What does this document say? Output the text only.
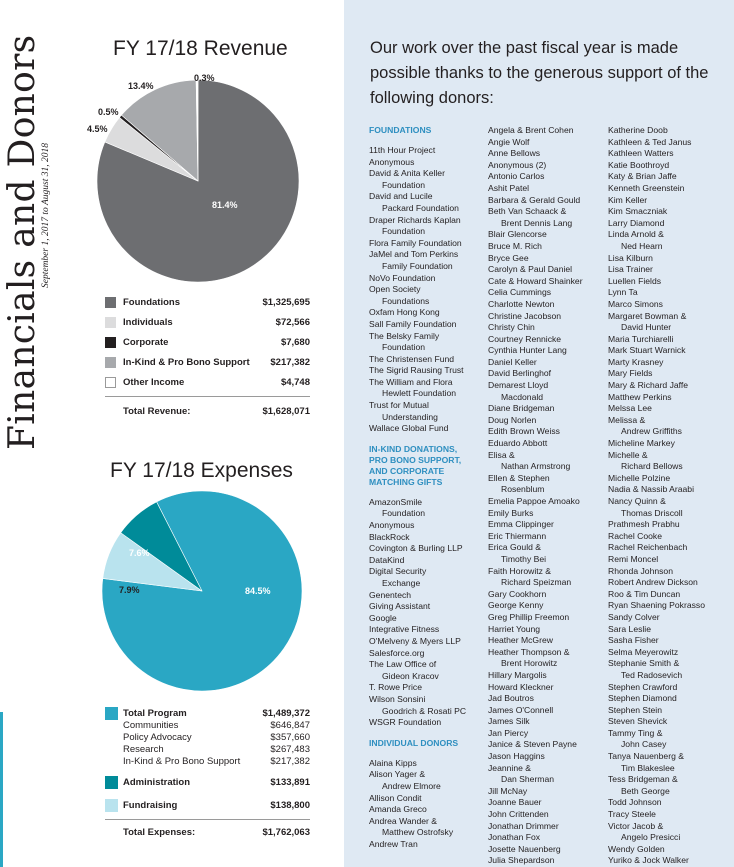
Financials and Donors
September 1, 2017 to August 31, 2018
FY 17/18 Revenue
0.3%
13.4%
0.5%
4.5%
81.4%
Foundations	$1,325,695
Individuals	$72,566
Corporate	$7,680
In-Kind & Pro Bono Support $217,382
Other Income	$4,748
Total Revenue:	$1,628,071
FY 17/18 Expenses
7.6%
7.9%	84.5%
Total Program	$1,489,372
Communities	$646,847
Policy Advocacy	$357,660
Research	$267,483
In-Kind & Pro Bono Support	$217,382
Administration	$133,891
Fundraising	$138,800
Total Expenses:	$1,762,063
Our work over the past fiscal year is made possible thanks to the generous support of the following donors:
FOUNDATIONS
11th Hour Project
Anonymous
David & Anita Keller
Foundation
David and Lucile
Packard Foundation
Draper Richards Kaplan
Foundation
Flora Family Foundation
JaMel and Tom Perkins
Family Foundation
NoVo Foundation
Open Society
Foundations
Oxfam Hong Kong
Sall Family Foundation
The Belsky Family
Foundation
The Christensen Fund
The Sigrid Rausing Trust
The William and Flora
Hewlett Foundation
Trust for Mutual
Understanding
Wallace Global Fund
IN-KIND DONATIONS,
PRO BONO SUPPORT,
AND CORPORATE
MATCHING GIFTS
AmazonSmile
Foundation
Anonymous
BlackRock
Covington & Burling LLP
DataKind
Digital Security
Exchange
Genentech
Giving Assistant
Google
Integrative Fitness
O'Melveny & Myers LLP
Salesforce.org
The Law Office of
Gideon Kracov
T. Rowe Price
Wilson Sonsini
Goodrich & Rosati PC
WSGR Foundation
INDIVIDUAL DONORS
Alaina Kipps
Alison Yager &
Andrew Elmore
Allison Condit
Amanda Greco
Andrea Wander &
Matthew Ostrofsky
Andrew Tran
Angela & Brent Cohen
Angie Wolf
Anne Bellows
Anonymous (2)
Antonio Carlos
Ashit Patel
Barbara & Gerald Gould
Beth Van Schaack &
Brent Dennis Lang
Blair Glencorse
Bruce M. Rich
Bryce Gee
Carolyn & Paul Daniel
Cate & Howard Shainker
Celia Cummings
Charlotte Newton
Christine Jacobson
Christy Chin
Courtney Rennicke
Cynthia Hunter Lang
Daniel Keller
David Berlinghof
Demarest Lloyd
Macdonald
Diane Bridgeman
Doug Norlen
Edith Brown Weiss
Eduardo Abbott
Elisa &
Nathan Armstrong
Ellen & Stephen
Rosenblum
Emelia Pappoe Amoako
Emily Burks
Emma Clippinger
Eric Thiermann
Erica Gould &
Timothy Bei
Faith Horowitz &
Richard Speizman
Gary Cookhorn
George Kenny
Greg Phillip Freemon
Harriet Young
Heather McGrew
Heather Thompson &
Brent Horowitz
Hillary Margolis
Howard Kleckner
Jad Boutros
James O'Connell
James Silk
Jan Piercy
Janice & Steven Payne
Jason Haggins
Jeannine &
Dan Sherman
Jill McNay
Joanne Bauer
John Crittenden
Jonathan Drimmer
Jonathan Fox
Josette Nauenberg
Julia Shepardson
Katherine Doob
Kathleen & Ted Janus
Kathleen Watters
Katie Boothroyd
Katy & Brian Jaffe
Kenneth Greenstein
Kim Keller
Kim Smaczniak
Larry Diamond
Linda Arnold &
Ned Hearn
Lisa Kilburn
Lisa Trainer
Luellen Fields
Lynn Ta
Marco Simons
Margaret Bowman &
David Hunter
Maria Turchiarelli
Mark Stuart Warnick
Marty Krasney
Mary Fields
Mary & Richard Jaffe
Matthew Perkins
Melssa Lee
Melissa &
Andrew Griffiths
Micheline Markey
Michelle &
Richard Bellows
Michelle Polzine
Nadia & Nassib Araabi
Nancy Quinn &
Thomas Driscoll
Prathmesh Prabhu
Rachel Cooke
Rachel Reichenbach
Remi Moncel
Rhonda Johnson
Robert Andrew Dickson
Roo & Tim Duncan
Ryan Shaening Pokrasso
Sandy Colver
Sara Leslie
Sasha Fisher
Selma Meyerowitz
Stephanie Smith &
Ted Radosevich
Stephen Crawford
Stephen Diamond
Stephen Stein
Steven Shevick
Tammy Ting &
John Casey
Tanya Nauenberg &
Tim Blakeslee
Tess Bridgeman &
Beth George
Todd Johnson
Tracy Steele
Victor Jacob &
Angelo Presicci
Wendy Golden
Yuriko & Jock Walker
